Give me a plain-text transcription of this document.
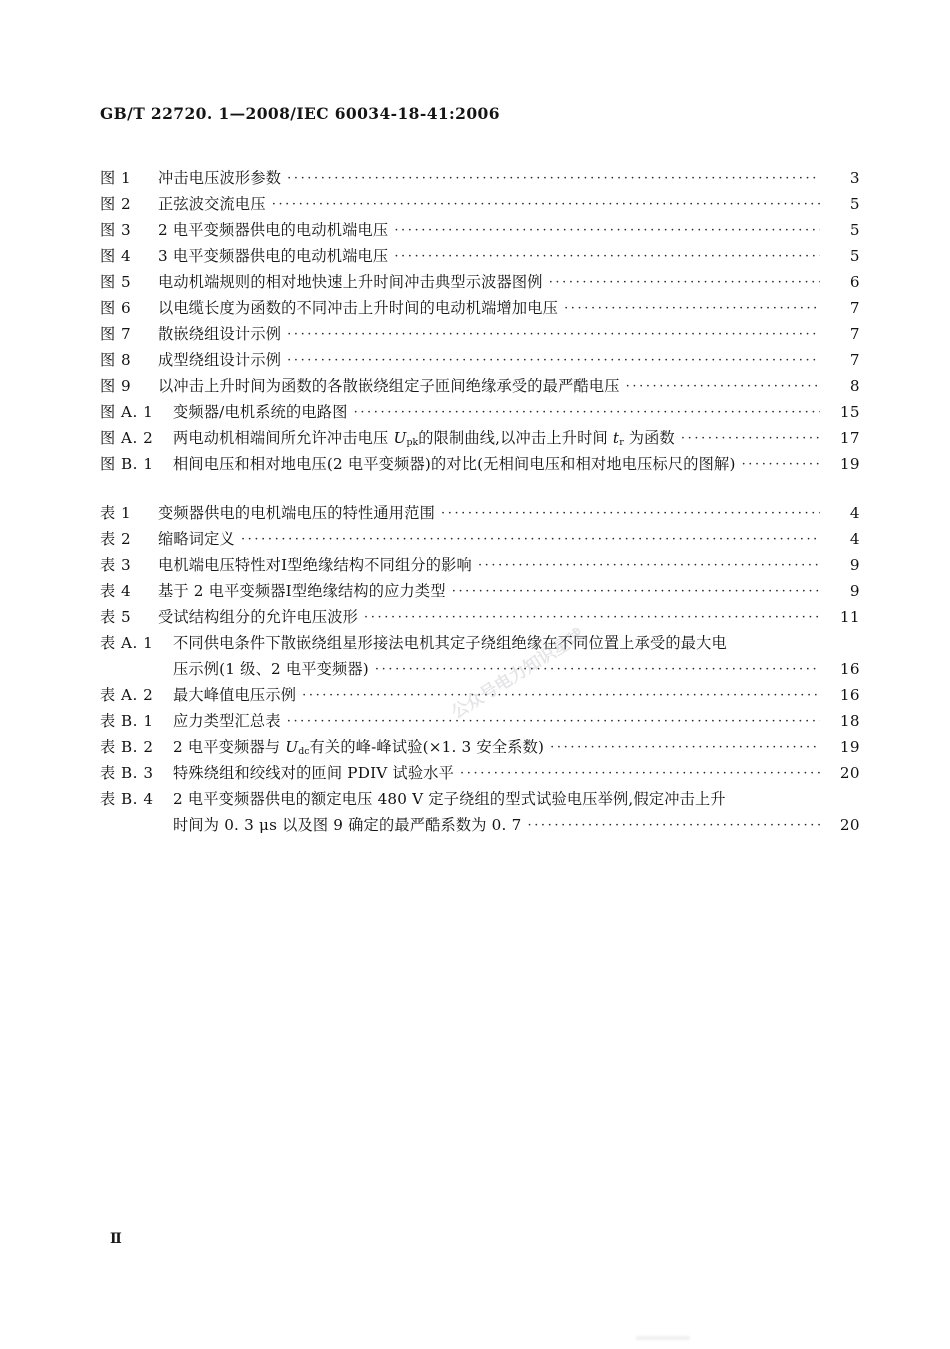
GB/T 22720. 1—2008/IEC 60034-18-41:2006
图 1	冲击电压波形参数 ·····	3
图 2	正弦波交流电压 ·····	5
图 3	2 电平变频器供电的电动机端电压 ·····	5
图 4	3 电平变频器供电的电动机端电压 ·····	5
图 5	电动机端规则的相对地快速上升时间冲击典型示波器图例 ·····	6
图 6	以电缆长度为函数的不同冲击上升时间的电动机端增加电压 ·····	7
图 7	散嵌绕组设计示例 ·····	7
图 8	成型绕组设计示例 ·····	7
图 9	以冲击上升时间为函数的各散嵌绕组定子匝间绝缘承受的最严酷电压 ·····	8
图 A. 1	变频器/电机系统的电路图 ·····	15
图 A. 2	两电动机相端间所允许冲击电压 $U_{pk}$的限制曲线,以冲击上升时间 $t_r$ 为函数 ·····	17
图 B. 1	相间电压和相对地电压(2 电平变频器)的对比(无相间电压和相对地电压标尺的图解) ·····	19
表 1	变频器供电的电机端电压的特性通用范围 ·····	4
表 2	缩略词定义 ·····	4
表 3	电机端电压特性对Ⅰ型绝缘结构不同组分的影响 ·····	9
表 4	基于 2 电平变频器Ⅰ型绝缘结构的应力类型 ·····	9
表 5	受试结构组分的允许电压波形 ·····	11
表 A. 1	不同供电条件下散嵌绕组星形接法电机其定子绕组绝缘在不同位置上承受的最大电
压示例(1 级、2 电平变频器) ·····	16
表 A. 2	最大峰值电压示例 ·····	16
表 B. 1	应力类型汇总表 ·····	18
表 B. 2	2 电平变频器与 $U_{dc}$有关的峰-峰试验(×1. 3 安全系数) ·····	19
表 B. 3	特殊绕组和绞线对的匝间 PDIV 试验水平 ·····	20
表 B. 4	2 电平变频器供电的额定电压 480 V 定子绕组的型式试验电压举例,假定冲击上升
时间为 0. 3 μs 以及图 9 确定的最严酷系数为 0. 7 ·····	20
公众号电力知识星球
Ⅱ
